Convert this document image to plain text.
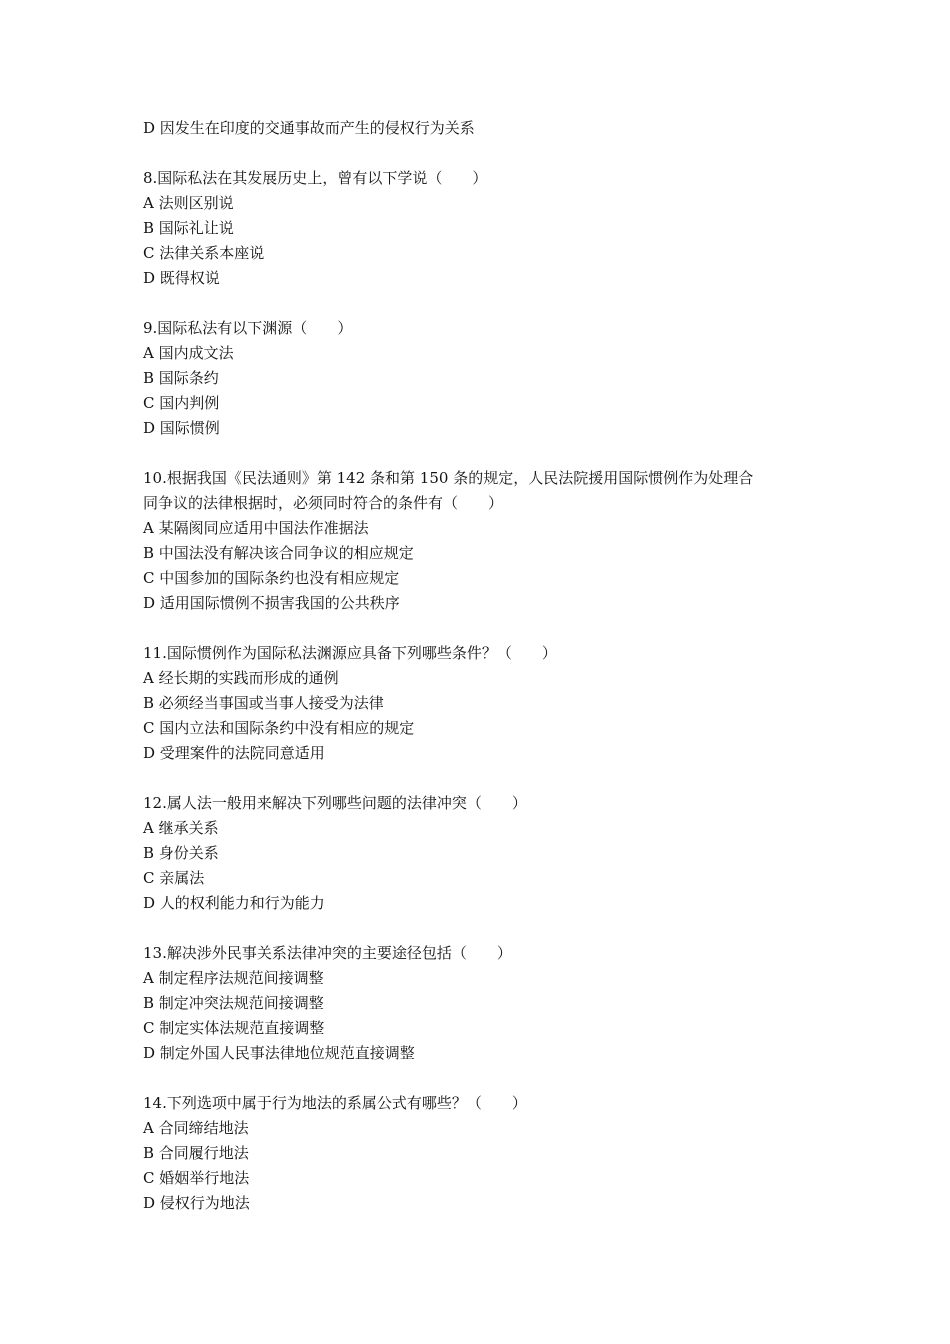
D 因发生在印度的交通事故而产生的侵权行为关系
8.国际私法在其发展历史上，曾有以下学说（　　）
A 法则区别说
B 国际礼让说
C 法律关系本座说
D 既得权说
9.国际私法有以下渊源（　　）
A 国内成文法
B 国际条约
C 国内判例
D 国际惯例
10.根据我国《民法通则》第 142 条和第 150 条的规定，人民法院援用国际惯例作为处理合
同争议的法律根据时，必须同时符合的条件有（　　）
A 某隔阂同应适用中国法作准据法
B 中国法没有解决该合同争议的相应规定
C 中国参加的国际条约也没有相应规定
D 适用国际惯例不损害我国的公共秩序
11.国际惯例作为国际私法渊源应具备下列哪些条件？（　　）
A 经长期的实践而形成的通例
B 必须经当事国或当事人接受为法律
C 国内立法和国际条约中没有相应的规定
D 受理案件的法院同意适用
12.属人法一般用来解决下列哪些问题的法律冲突（　　）
A 继承关系
B 身份关系
C 亲属法
D 人的权利能力和行为能力
13.解决涉外民事关系法律冲突的主要途径包括（　　）
A 制定程序法规范间接调整
B 制定冲突法规范间接调整
C 制定实体法规范直接调整
D 制定外国人民事法律地位规范直接调整
14.下列选项中属于行为地法的系属公式有哪些？（　　）
A 合同缔结地法
B 合同履行地法
C 婚姻举行地法
D 侵权行为地法
